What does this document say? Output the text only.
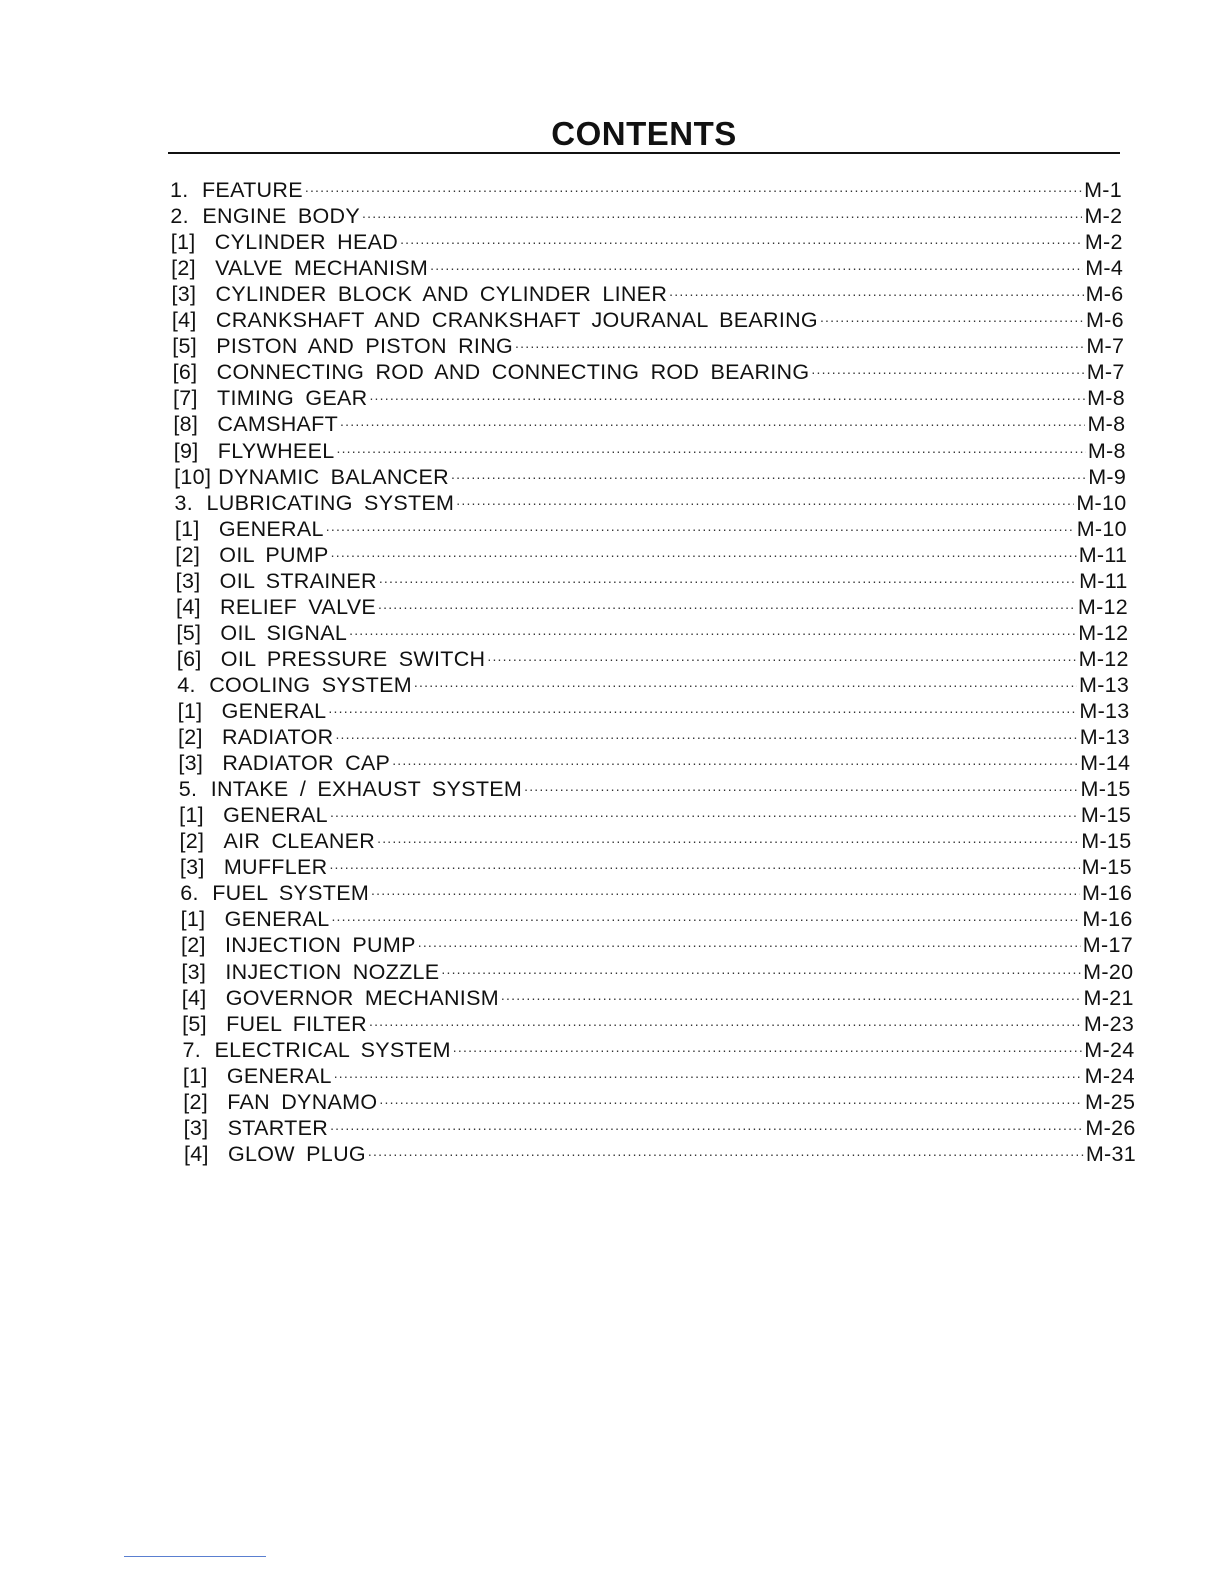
CONTENTS
1. FEATURE .....	M-1
2. ENGINE BODY .....	M-2
[1] CYLINDER HEAD .....	M-2
[2] VALVE MECHANISM .....	M-4
[3] CYLINDER BLOCK AND CYLINDER LINER .....	M-6
[4] CRANKSHAFT AND CRANKSHAFT JOURANAL BEARING .....	M-6
[5] PISTON AND PISTON RING .....	M-7
[6] CONNECTING ROD AND CONNECTING ROD BEARING .....	M-7
[7] TIMING GEAR .....	M-8
[8] CAMSHAFT .....	M-8
[9] FLYWHEEL .....	M-8
[10] DYNAMIC BALANCER .....	M-9
3. LUBRICATING SYSTEM .....	M-10
[1] GENERAL .....	M-10
[2] OIL PUMP .....	M-11
[3] OIL STRAINER .....	M-11
[4] RELIEF VALVE .....	M-12
[5] OIL SIGNAL .....	M-12
[6] OIL PRESSURE SWITCH .....	M-12
4. COOLING SYSTEM .....	M-13
[1] GENERAL .....	M-13
[2] RADIATOR .....	M-13
[3] RADIATOR CAP .....	M-14
5. INTAKE / EXHAUST SYSTEM .....	M-15
[1] GENERAL .....	M-15
[2] AIR CLEANER .....	M-15
[3] MUFFLER .....	M-15
6. FUEL SYSTEM .....	M-16
[1] GENERAL .....	M-16
[2] INJECTION PUMP .....	M-17
[3] INJECTION NOZZLE .....	M-20
[4] GOVERNOR MECHANISM .....	M-21
[5] FUEL FILTER .....	M-23
7. ELECTRICAL SYSTEM .....	M-24
[1] GENERAL .....	M-24
[2] FAN DYNAMO .....	M-25
[3] STARTER .....	M-26
[4] GLOW PLUG .....	M-31
